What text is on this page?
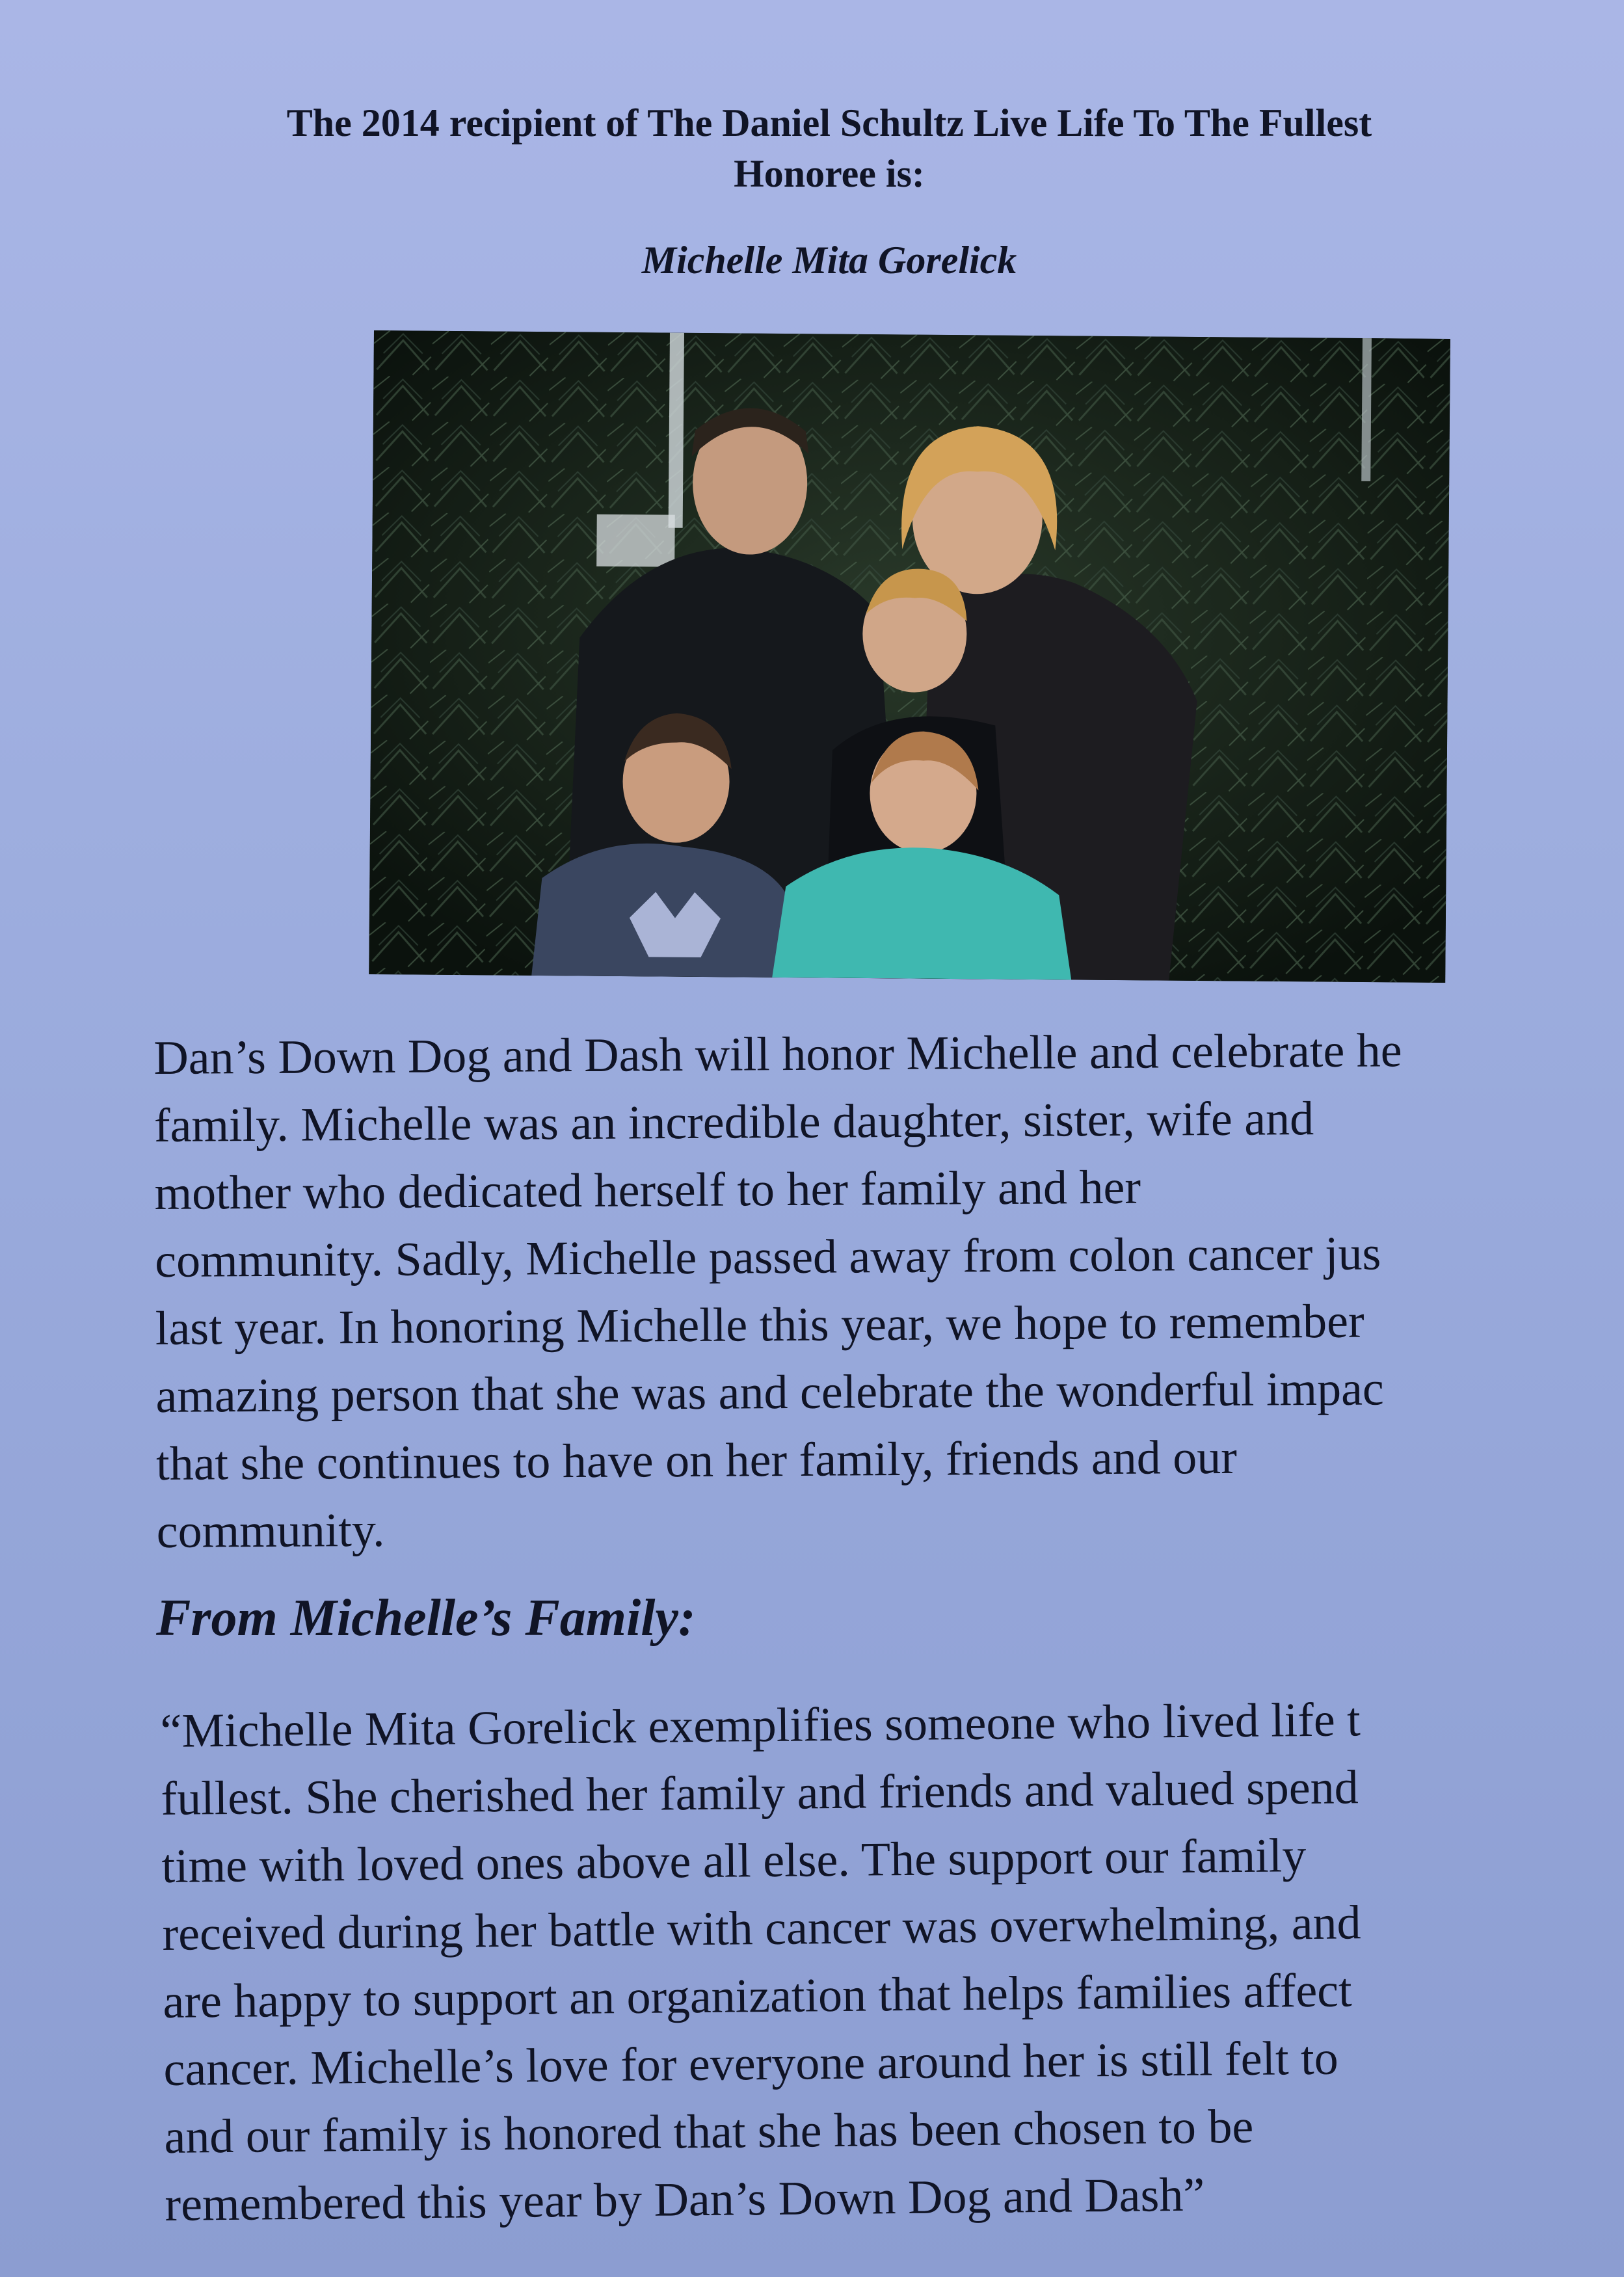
The 2014 recipient of The Daniel Schultz Live Life To The Fullest
Honoree is:

Michelle Mita Gorelick

Dan’s Down Dog and Dash will honor Michelle and celebrate he
family. Michelle was an incredible daughter, sister, wife and
mother who dedicated herself to her family and her
community. Sadly, Michelle passed away from colon cancer jus
last year. In honoring Michelle this year, we hope to remember
amazing person that she was and celebrate the wonderful impac
that she continues to have on her family, friends and our
community.

From Michelle’s Family:

“Michelle Mita Gorelick exemplifies someone who lived life t
fullest. She cherished her family and friends and valued spend
time with loved ones above all else. The support our family
received during her battle with cancer was overwhelming, and
are happy to support an organization that helps families affect
cancer. Michelle’s love for everyone around her is still felt to
and our family is honored that she has been chosen to be
remembered this year by Dan’s Down Dog and Dash”
